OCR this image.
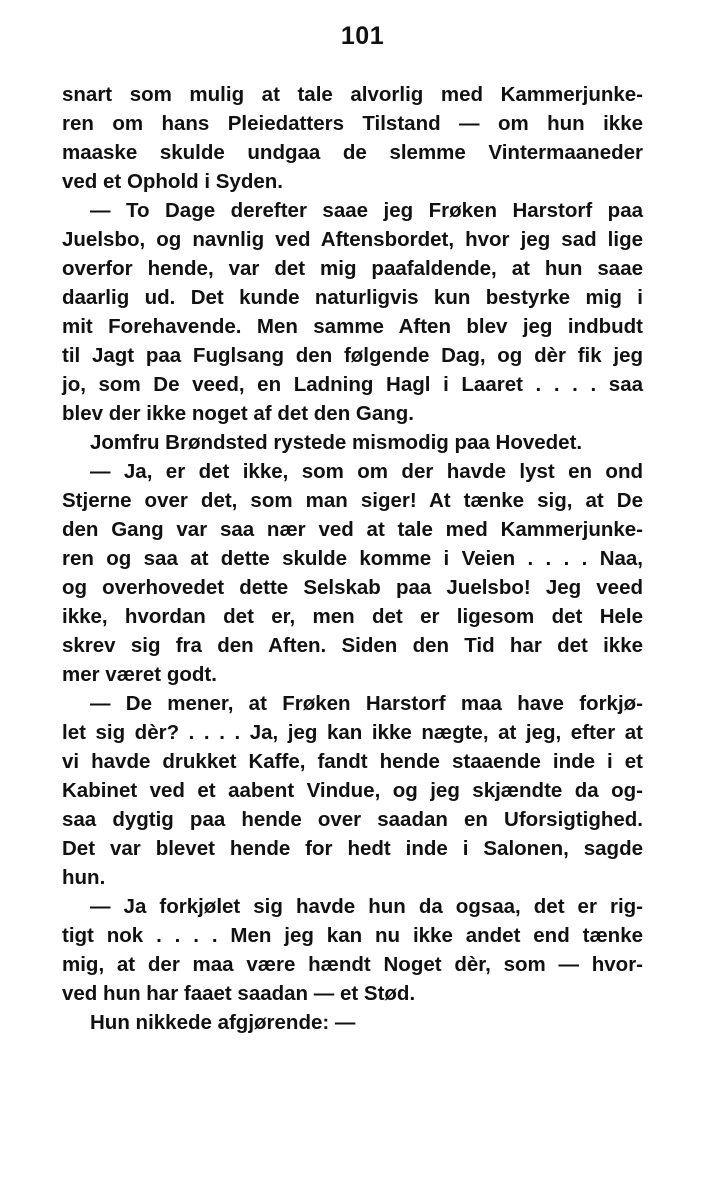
101
snart som mulig at tale alvorlig med Kammerjunke-
ren om hans Pleiedatters Tilstand — om hun ikke
maaske skulde undgaa de slemme Vintermaaneder
ved et Ophold i Syden.
— To Dage derefter saae jeg Frøken Harstorf paa
Juelsbo, og navnlig ved Aftensbordet, hvor jeg sad lige
overfor hende, var det mig paafaldende, at hun saae
daarlig ud. Det kunde naturligvis kun bestyrke mig i
mit Forehavende. Men samme Aften blev jeg indbudt
til Jagt paa Fuglsang den følgende Dag, og dèr fik jeg
jo, som De veed, en Ladning Hagl i Laaret . . . . saa
blev der ikke noget af det den Gang.
Jomfru Brøndsted rystede mismodig paa Hovedet.
— Ja, er det ikke, som om der havde lyst en ond
Stjerne over det, som man siger! At tænke sig, at De
den Gang var saa nær ved at tale med Kammerjunke-
ren og saa at dette skulde komme i Veien . . . . Naa,
og overhovedet dette Selskab paa Juelsbo! Jeg veed
ikke, hvordan det er, men det er ligesom det Hele
skrev sig fra den Aften. Siden den Tid har det ikke
mer været godt.
— De mener, at Frøken Harstorf maa have forkjø-
let sig dèr? . . . . Ja, jeg kan ikke nægte, at jeg, efter at
vi havde drukket Kaffe, fandt hende staaende inde i et
Kabinet ved et aabent Vindue, og jeg skjændte da og-
saa dygtig paa hende over saadan en Uforsigtighed.
Det var blevet hende for hedt inde i Salonen, sagde
hun.
— Ja forkjølet sig havde hun da ogsaa, det er rig-
tigt nok . . . . Men jeg kan nu ikke andet end tænke
mig, at der maa være hændt Noget dèr, som — hvor-
ved hun har faaet saadan — et Stød.
Hun nikkede afgjørende: —
